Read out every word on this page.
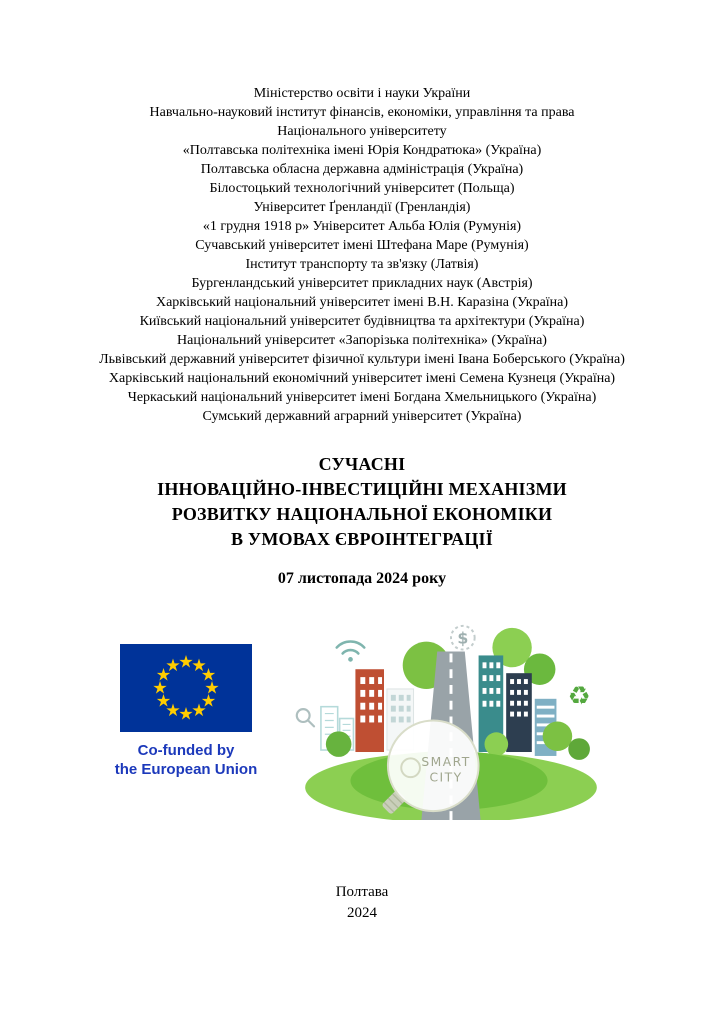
Міністерство освіти і науки України
Навчально-науковий інститут фінансів, економіки, управління та права
Національного університету
«Полтавська політехніка імені Юрія Кондратюка» (Україна)
Полтавська обласна державна адміністрація (Україна)
Білостоцький технологічний університет (Польща)
Університет Ґренландії (Гренландія)
«1 грудня 1918 р» Університет Альба Юлія (Румунія)
Сучавський університет імені Штефана Маре (Румунія)
Інститут транспорту та зв'язку (Латвія)
Бургенландський університет прикладних наук (Австрія)
Харківський національний університет імені В.Н. Каразіна (Україна)
Київський національний університет будівництва та архітектури (Україна)
Національний університет «Запорізька політехніка» (Україна)
Львівський державний університет фізичної культури імені Івана Боберського (Україна)
Харківський національний економічний університет імені Семена Кузнеця (Україна)
Черкаський національний університет імені Богдана Хмельницького (Україна)
Сумський державний аграрний університет (Україна)
СУЧАСНІ
ІННОВАЦІЙНО-ІНВЕСТИЦІЙНІ МЕХАНІЗМИ
РОЗВИТКУ НАЦІОНАЛЬНОЇ ЕКОНОМІКИ
В УМОВАХ ЄВРОІНТЕГРАЦІЇ
07 листопада 2024 року
Co-funded by
the European Union
$
♻
SMART
CITY
Полтава
2024
